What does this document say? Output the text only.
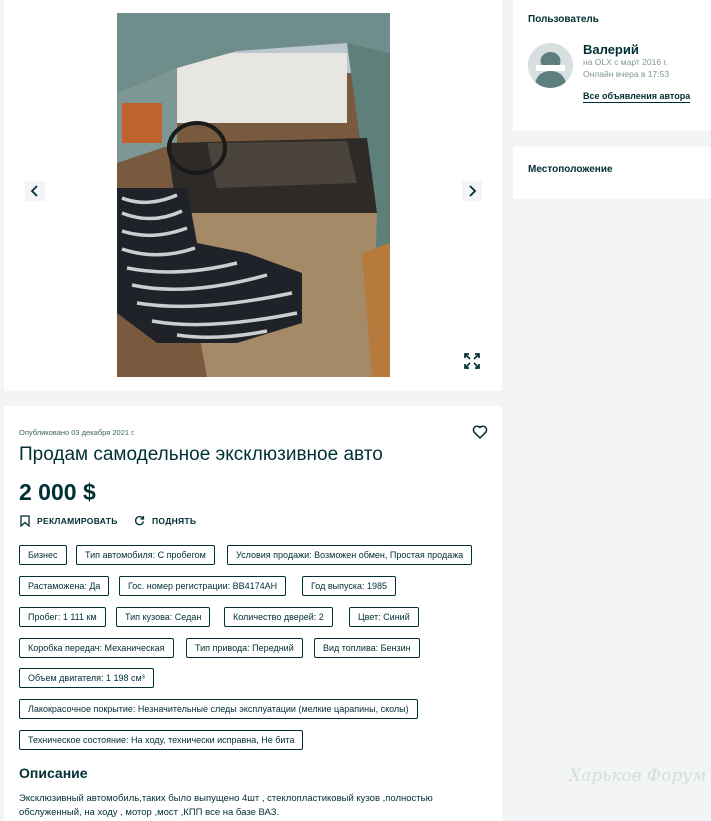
Пользователь
Валерий
на OLX с март 2016 г.
Онлайн вчера в 17:53
Все объявления автора
Местоположение
Опубликовано 03 декабря 2021 г.
Продам самодельное эксклюзивное авто
2 000 $
РЕКЛАМИРОВАТЬ	ПОДНЯТЬ
Бизнес	Тип автомобиля: С пробегом	Условия продажи: Возможен обмен, Простая продажа
Растаможена: Да	Гос. номер регистрации: ВВ4174АН	Год выпуска: 1985
Пробег: 1 111 км	Тип кузова: Седан	Количество дверей: 2	Цвет: Синий
Коробка передач: Механическая	Тип привода: Передний	Вид топлива: Бензин
Объем двигателя: 1 198 см³
Лакокрасочное покрытие: Незначительные следы эксплуатации (мелкие царапины, сколы)
Техническое состояние: На ходу, технически исправна, Не бита
Описание

Эксклюзивный автомобиль,таких было выпущено 4шт , стеклопластиковый кузов ,полностью обслуженный, на ходу , мотор ,мост ,КПП все на базе ВАЗ.

Харьков Форум
